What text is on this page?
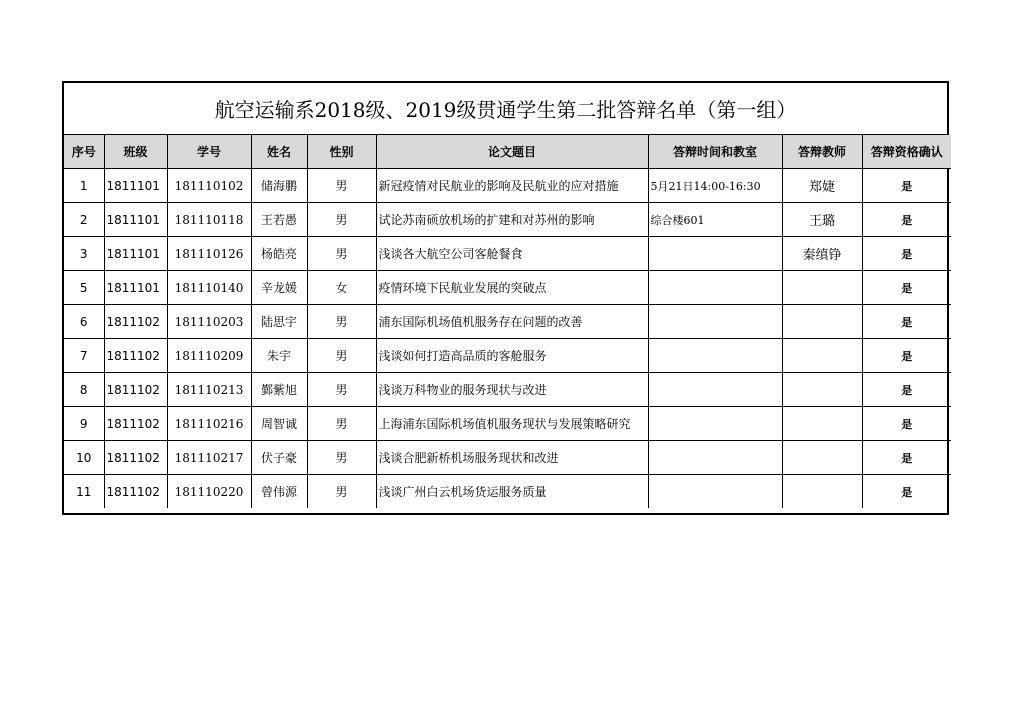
航空运输系2018级、2019级贯通学生第二批答辩名单（第一组）
序号	班级	学号	姓名	性别	论文题目	答辩时间和教室	答辩教师	答辩资格确认
1	1811101	181110102	储海鹏	男	新冠疫情对民航业的影响及民航业的应对措施	5月21日14:00-16:30	郑婕	是
2	1811101	181110118	王若愚	男	试论苏南硕放机场的扩建和对苏州的影响	综合楼601	王璐	是
3	1811101	181110126	杨皓亮	男	浅谈各大航空公司客舱餐食		秦缜铮	是
5	1811101	181110140	辛龙媛	女	疫情环境下民航业发展的突破点			是
6	1811102	181110203	陆思宇	男	浦东国际机场值机服务存在问题的改善			是
7	1811102	181110209	朱宇	男	浅谈如何打造高品质的客舱服务			是
8	1811102	181110213	鄞紫旭	男	浅谈万科物业的服务现状与改进			是
9	1811102	181110216	周智诚	男	上海浦东国际机场值机服务现状与发展策略研究			是
10	1811102	181110217	伏子豪	男	浅谈合肥新桥机场服务现状和改进			是
11	1811102	181110220	曾伟源	男	浅谈广州白云机场货运服务质量			是
